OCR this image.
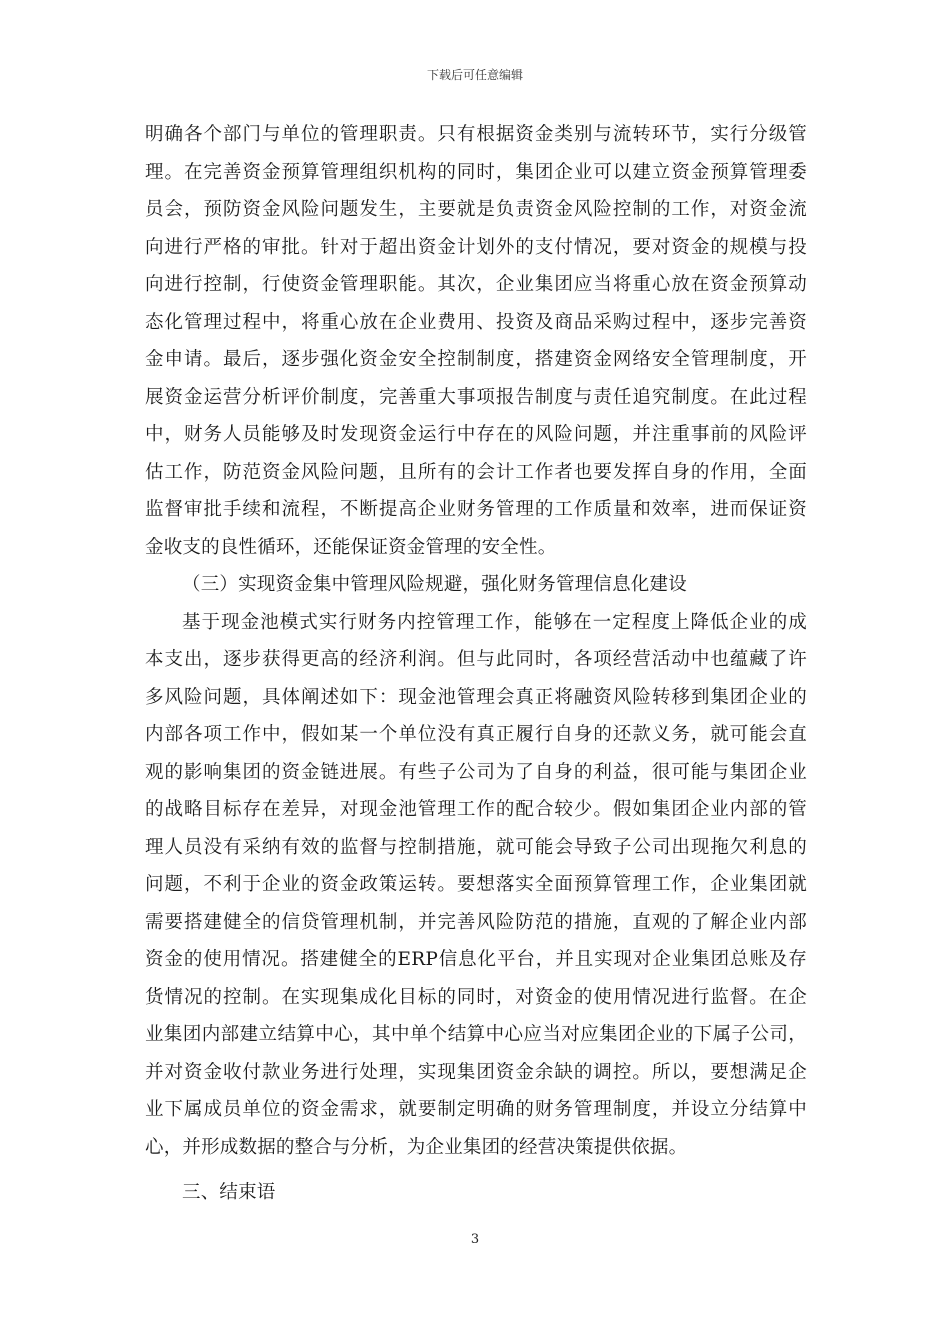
下载后可任意编辑
明确各个部门与单位的管理职责。只有根据资金类别与流转环节，实行分级管
理。在完善资金预算管理组织机构的同时，集团企业可以建立资金预算管理委
员会，预防资金风险问题发生，主要就是负责资金风险控制的工作，对资金流
向进行严格的审批。针对于超出资金计划外的支付情况，要对资金的规模与投
向进行控制，行使资金管理职能。其次，企业集团应当将重心放在资金预算动
态化管理过程中，将重心放在企业费用、投资及商品采购过程中，逐步完善资
金申请。最后，逐步强化资金安全控制制度，搭建资金网络安全管理制度，开
展资金运营分析评价制度，完善重大事项报告制度与责任追究制度。在此过程
中，财务人员能够及时发现资金运行中存在的风险问题，并注重事前的风险评
估工作，防范资金风险问题，且所有的会计工作者也要发挥自身的作用，全面
监督审批手续和流程，不断提高企业财务管理的工作质量和效率，进而保证资
金收支的良性循环，还能保证资金管理的安全性。
（三）实现资金集中管理风险规避，强化财务管理信息化建设
基于现金池模式实行财务内控管理工作，能够在一定程度上降低企业的成
本支出，逐步获得更高的经济利润。但与此同时，各项经营活动中也蕴藏了许
多风险问题，具体阐述如下：现金池管理会真正将融资风险转移到集团企业的
内部各项工作中，假如某一个单位没有真正履行自身的还款义务，就可能会直
观的影响集团的资金链进展。有些子公司为了自身的利益，很可能与集团企业
的战略目标存在差异，对现金池管理工作的配合较少。假如集团企业内部的管
理人员没有采纳有效的监督与控制措施，就可能会导致子公司出现拖欠利息的
问题，不利于企业的资金政策运转。要想落实全面预算管理工作，企业集团就
需要搭建健全的信贷管理机制，并完善风险防范的措施，直观的了解企业内部
资金的使用情况。搭建健全的ERP信息化平台，并且实现对企业集团总账及存
货情况的控制。在实现集成化目标的同时，对资金的使用情况进行监督。在企
业集团内部建立结算中心，其中单个结算中心应当对应集团企业的下属子公司，
并对资金收付款业务进行处理，实现集团资金余缺的调控。所以，要想满足企
业下属成员单位的资金需求，就要制定明确的财务管理制度，并设立分结算中
心，并形成数据的整合与分析，为企业集团的经营决策提供依据。
三、结束语
3
